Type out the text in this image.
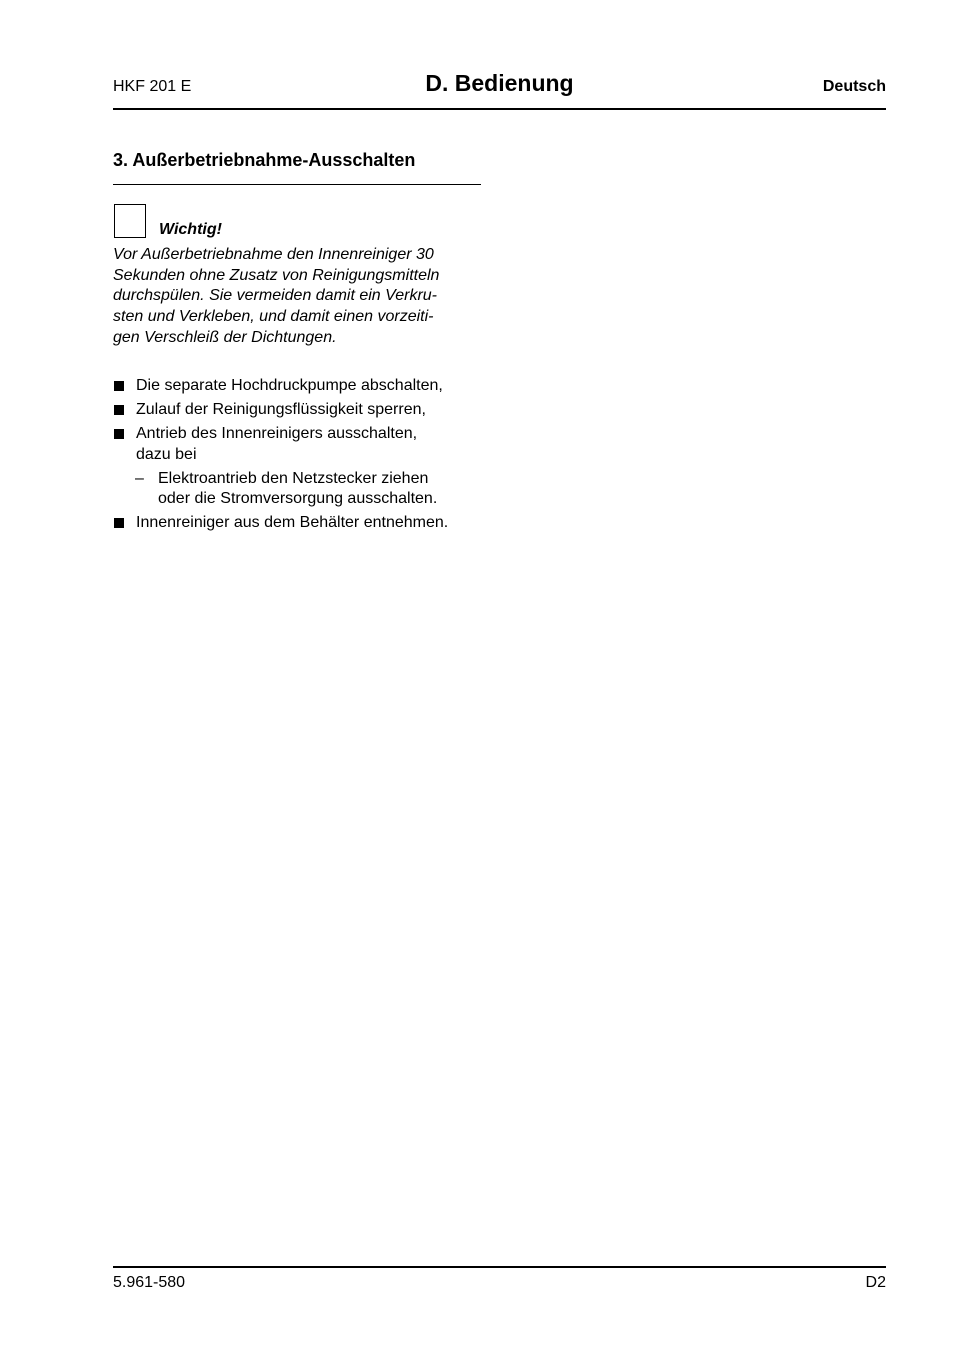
HKF 201 E	D. Bedienung	Deutsch
3. Außerbetriebnahme-Ausschalten
Wichtig!
Vor Außerbetriebnahme den Innenreiniger 30
Sekunden ohne Zusatz von Reinigungsmitteln
durchspülen. Sie vermeiden damit ein Verkru-
sten und Verkleben, und damit einen vorzeiti-
gen Verschleiß der Dichtungen.
Die separate Hochdruckpumpe abschalten,
Zulauf der Reinigungsflüssigkeit sperren,
Antrieb des Innenreinigers ausschalten,
dazu bei
– Elektroantrieb den Netzstecker ziehen
oder die Stromversorgung ausschalten.
Innenreiniger aus dem Behälter entnehmen.
5.961-580	D2
